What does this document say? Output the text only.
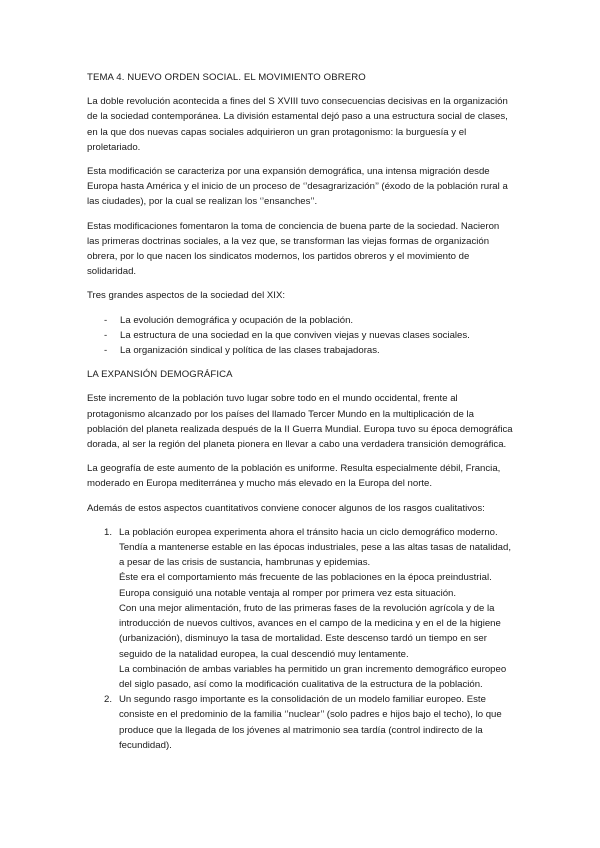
TEMA 4. NUEVO ORDEN SOCIAL. EL MOVIMIENTO OBRERO

La doble revolución acontecida a fines del S XVIII tuvo consecuencias decisivas en la organización de la sociedad contemporánea. La división estamental dejó paso a una estructura social de clases, en la que dos nuevas capas sociales adquirieron un gran protagonismo: la burguesía y el proletariado.

Esta modificación se caracteriza por una expansión demográfica, una intensa migración desde Europa hasta América y el inicio de un proceso de ‘’desagrarización’’ (éxodo de la población rural a las ciudades), por la cual se realizan los ‘’ensanches’’.

Estas modificaciones fomentaron la toma de conciencia de buena parte de la sociedad. Nacieron las primeras doctrinas sociales, a la vez que, se transforman las viejas formas de organización obrera, por lo que nacen los sindicatos modernos, los partidos obreros y el movimiento de solidaridad.

Tres grandes aspectos de la sociedad del XIX:

- La evolución demográfica y ocupación de la población.
- La estructura de una sociedad en la que conviven viejas y nuevas clases sociales.
- La organización sindical y política de las clases trabajadoras.

LA EXPANSIÓN DEMOGRÁFICA

Este incremento de la población tuvo lugar sobre todo en el mundo occidental, frente al protagonismo alcanzado por los países del llamado Tercer Mundo en la multiplicación de la población del planeta realizada después de la II Guerra Mundial. Europa tuvo su época demográfica dorada, al ser la región del planeta pionera en llevar a cabo una verdadera transición demográfica.

La geografía de este aumento de la población es uniforme. Resulta especialmente débil, Francia, moderado en Europa mediterránea y mucho más elevado en la Europa del norte.

Además de estos aspectos cuantitativos conviene conocer algunos de los rasgos cualitativos:

1. La población europea experimenta ahora el tránsito hacia un ciclo demográfico moderno. Tendía a mantenerse estable en las épocas industriales, pese a las altas tasas de natalidad, a pesar de las crisis de sustancia, hambrunas y epidemias.

Éste era el comportamiento más frecuente de las poblaciones en la época preindustrial. Europa consiguió una notable ventaja al romper por primera vez esta situación.

Con una mejor alimentación, fruto de las primeras fases de la revolución agrícola y de la introducción de nuevos cultivos, avances en el campo de la medicina y en el de la higiene (urbanización), disminuyo la tasa de mortalidad. Este descenso tardó un tiempo en ser seguido de la natalidad europea, la cual descendió muy lentamente.

La combinación de ambas variables ha permitido un gran incremento demográfico europeo del siglo pasado, así como la modificación cualitativa de la estructura de la población.

2. Un segundo rasgo importante es la consolidación de un modelo familiar europeo. Este consiste en el predominio de la familia ‘’nuclear’’ (solo padres e hijos bajo el techo), lo que produce que la llegada de los jóvenes al matrimonio sea tardía (control indirecto de la fecundidad).
